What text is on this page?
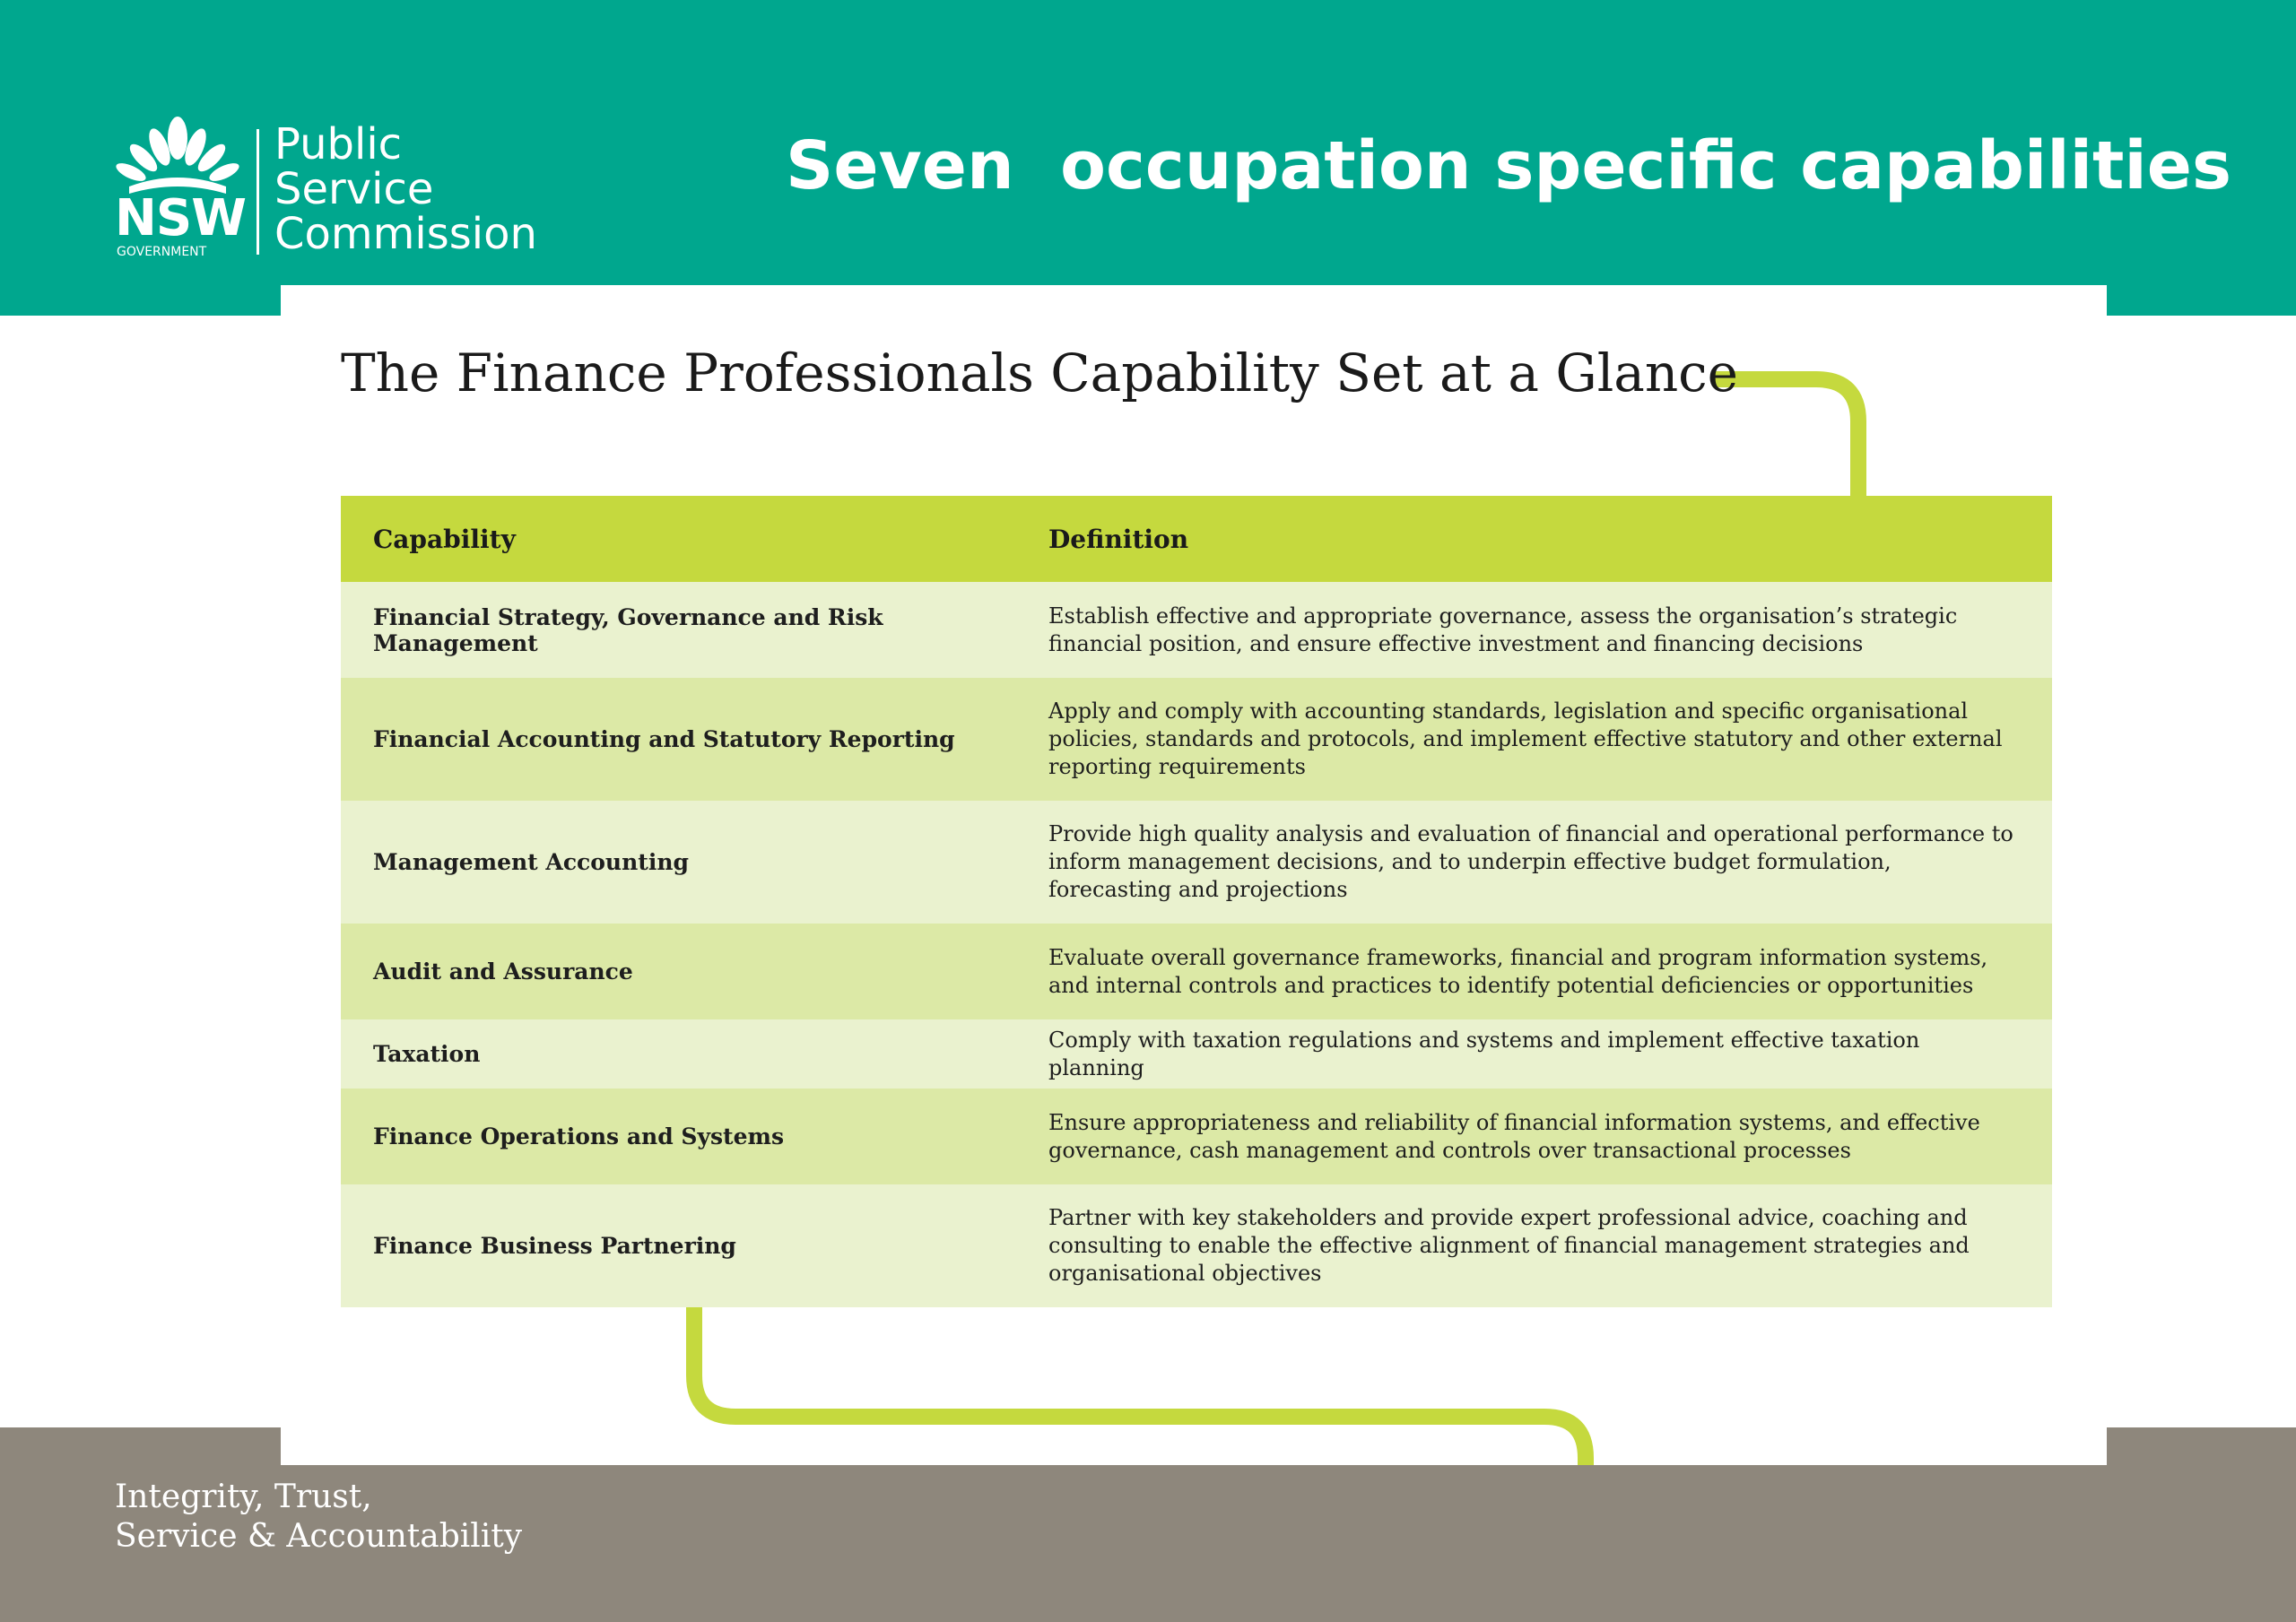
NSW
GOVERNMENT
Public
Service
Commission
Seven  occupation specific capabilities
Integrity, Trust,
Service & Accountability
The Finance Professionals Capability Set at a Glance
Capability	Definition
Financial Strategy, Governance and Risk Management	Establish effective and appropriate governance, assess the organisation’s strategic financial position, and ensure effective investment and financing decisions
Financial Accounting and Statutory Reporting	Apply and comply with accounting standards, legislation and specific organisational policies, standards and protocols, and implement effective statutory and other external reporting requirements
Management Accounting	Provide high quality analysis and evaluation of financial and operational performance to inform management decisions, and to underpin effective budget formulation, forecasting and projections
Audit and Assurance	Evaluate overall governance frameworks, financial and program information systems, and internal controls and practices to identify potential deficiencies or opportunities
Taxation	Comply with taxation regulations and systems and implement effective taxation planning
Finance Operations and Systems	Ensure appropriateness and reliability of financial information systems, and effective governance, cash management and controls over transactional processes
Finance Business Partnering	Partner with key stakeholders and provide expert professional advice, coaching and consulting to enable the effective alignment of financial management strategies and organisational objectives
